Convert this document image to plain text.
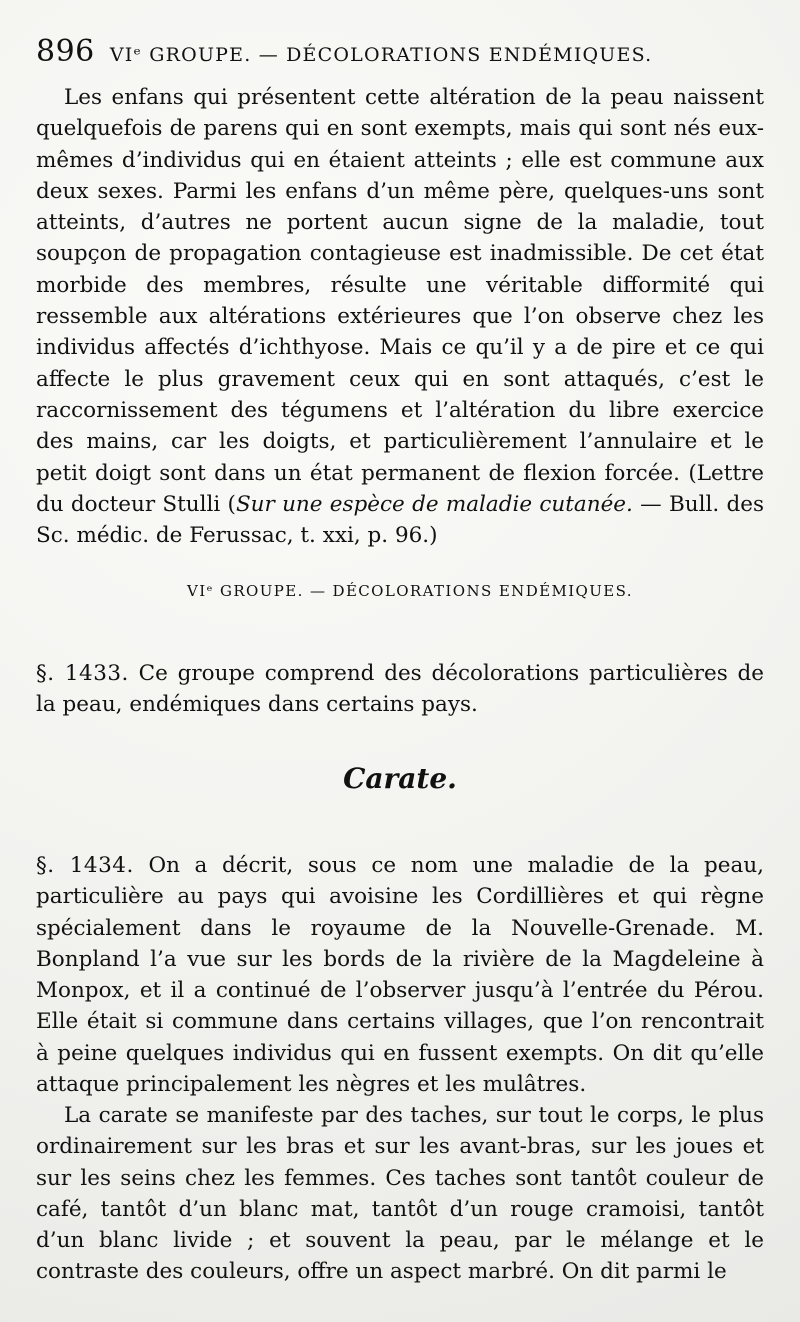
896 VIᵉ GROUPE. — DÉCOLORATIONS ENDÉMIQUES.
Les enfans qui présentent cette altération de la peau naissent quelquefois de parens qui en sont exempts, mais qui sont nés eux-mêmes d’individus qui en étaient atteints ; elle est commune aux deux sexes. Parmi les enfans d’un même père, quelques-uns sont atteints, d’autres ne portent aucun signe de la maladie, tout soupçon de propagation contagieuse est inadmissible. De cet état morbide des membres, résulte une véritable difformité qui ressemble aux altérations extérieures que l’on observe chez les individus affectés d’ichthyose. Mais ce qu’il y a de pire et ce qui affecte le plus gravement ceux qui en sont attaqués, c’est le raccornissement des tégumens et l’altération du libre exercice des mains, car les doigts, et particulièrement l’annulaire et le petit doigt sont dans un état permanent de flexion forcée. (Lettre du docteur Stulli (Sur une espèce de maladie cutanée. — Bull. des Sc. médic. de Ferussac, t. xxi, p. 96.)
VIᵉ GROUPE. — DÉCOLORATIONS ENDÉMIQUES.
§. 1433. Ce groupe comprend des décolorations particulières de la peau, endémiques dans certains pays.
Carate.
§. 1434. On a décrit, sous ce nom une maladie de la peau, particulière au pays qui avoisine les Cordillières et qui règne spécialement dans le royaume de la Nouvelle-Grenade. M. Bonpland l’a vue sur les bords de la rivière de la Magdeleine à Monpox, et il a continué de l’observer jusqu’à l’entrée du Pérou. Elle était si commune dans certains villages, que l’on rencontrait à peine quelques individus qui en fussent exempts. On dit qu’elle attaque principalement les nègres et les mulâtres.
La carate se manifeste par des taches, sur tout le corps, le plus ordinairement sur les bras et sur les avant-bras, sur les joues et sur les seins chez les femmes. Ces taches sont tantôt couleur de café, tantôt d’un blanc mat, tantôt d’un rouge cramoisi, tantôt d’un blanc livide ; et souvent la peau, par le mélange et le contraste des couleurs, offre un aspect marbré. On dit parmi le
